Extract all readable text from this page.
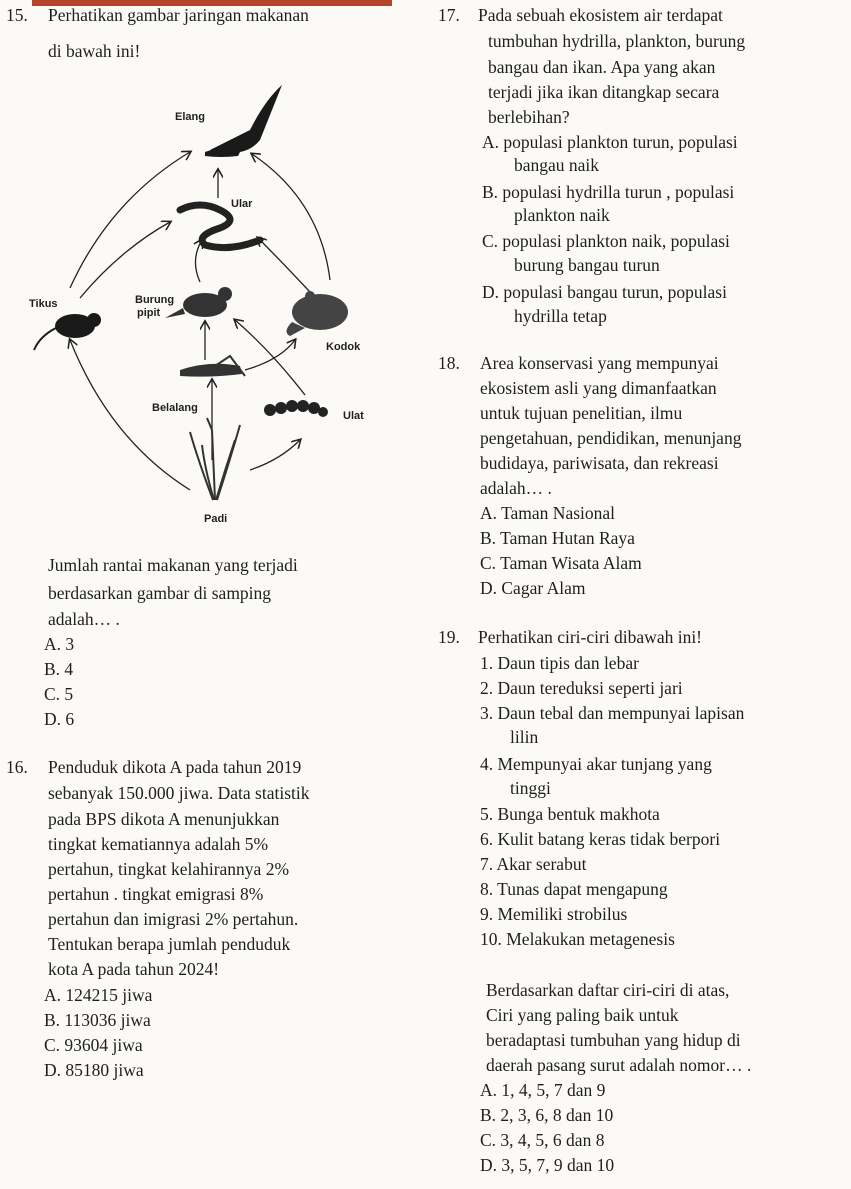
15. Perhatikan gambar jaringan makanan
di bawah ini!
Elang
Ular
Tikus	Burung
pipit
Kodok
Belalang
Ulat
Padi
Jumlah rantai makanan yang terjadi
berdasarkan gambar di samping
adalah… .
A. 3
B. 4
C. 5
D. 6
16. Penduduk dikota A pada tahun 2019
sebanyak 150.000 jiwa. Data statistik
pada BPS dikota A menunjukkan
tingkat kematiannya adalah 5%
pertahun, tingkat kelahirannya 2%
pertahun . tingkat emigrasi 8%
pertahun dan imigrasi 2% pertahun.
Tentukan berapa jumlah penduduk
kota A pada tahun 2024!
A. 124215 jiwa
B. 113036 jiwa
C. 93604 jiwa
D. 85180 jiwa
17. Pada sebuah ekosistem air terdapat
tumbuhan hydrilla, plankton, burung
bangau dan ikan. Apa yang akan
terjadi jika ikan ditangkap secara
berlebihan?
A. populasi plankton turun, populasi
bangau naik
B. populasi hydrilla turun , populasi
plankton naik
C. populasi plankton naik, populasi
burung bangau turun
D. populasi bangau turun, populasi
hydrilla tetap
18. Area konservasi yang mempunyai
ekosistem asli yang dimanfaatkan
untuk tujuan penelitian, ilmu
pengetahuan, pendidikan, menunjang
budidaya, pariwisata, dan rekreasi
adalah… .
A. Taman Nasional
B. Taman Hutan Raya
C. Taman Wisata Alam
D. Cagar Alam
19. Perhatikan ciri-ciri dibawah ini!
1. Daun tipis dan lebar
2. Daun tereduksi seperti jari
3. Daun tebal dan mempunyai lapisan
lilin
4. Mempunyai akar tunjang yang
tinggi
5. Bunga bentuk makhota
6. Kulit batang keras tidak berpori
7. Akar serabut
8. Tunas dapat mengapung
9. Memiliki strobilus
10. Melakukan metagenesis
Berdasarkan daftar ciri-ciri di atas,
Ciri yang paling baik untuk
beradaptasi tumbuhan yang hidup di
daerah pasang surut adalah nomor… .
A. 1, 4, 5, 7 dan 9
B. 2, 3, 6, 8 dan 10
C. 3, 4, 5, 6 dan 8
D. 3, 5, 7, 9 dan 10
